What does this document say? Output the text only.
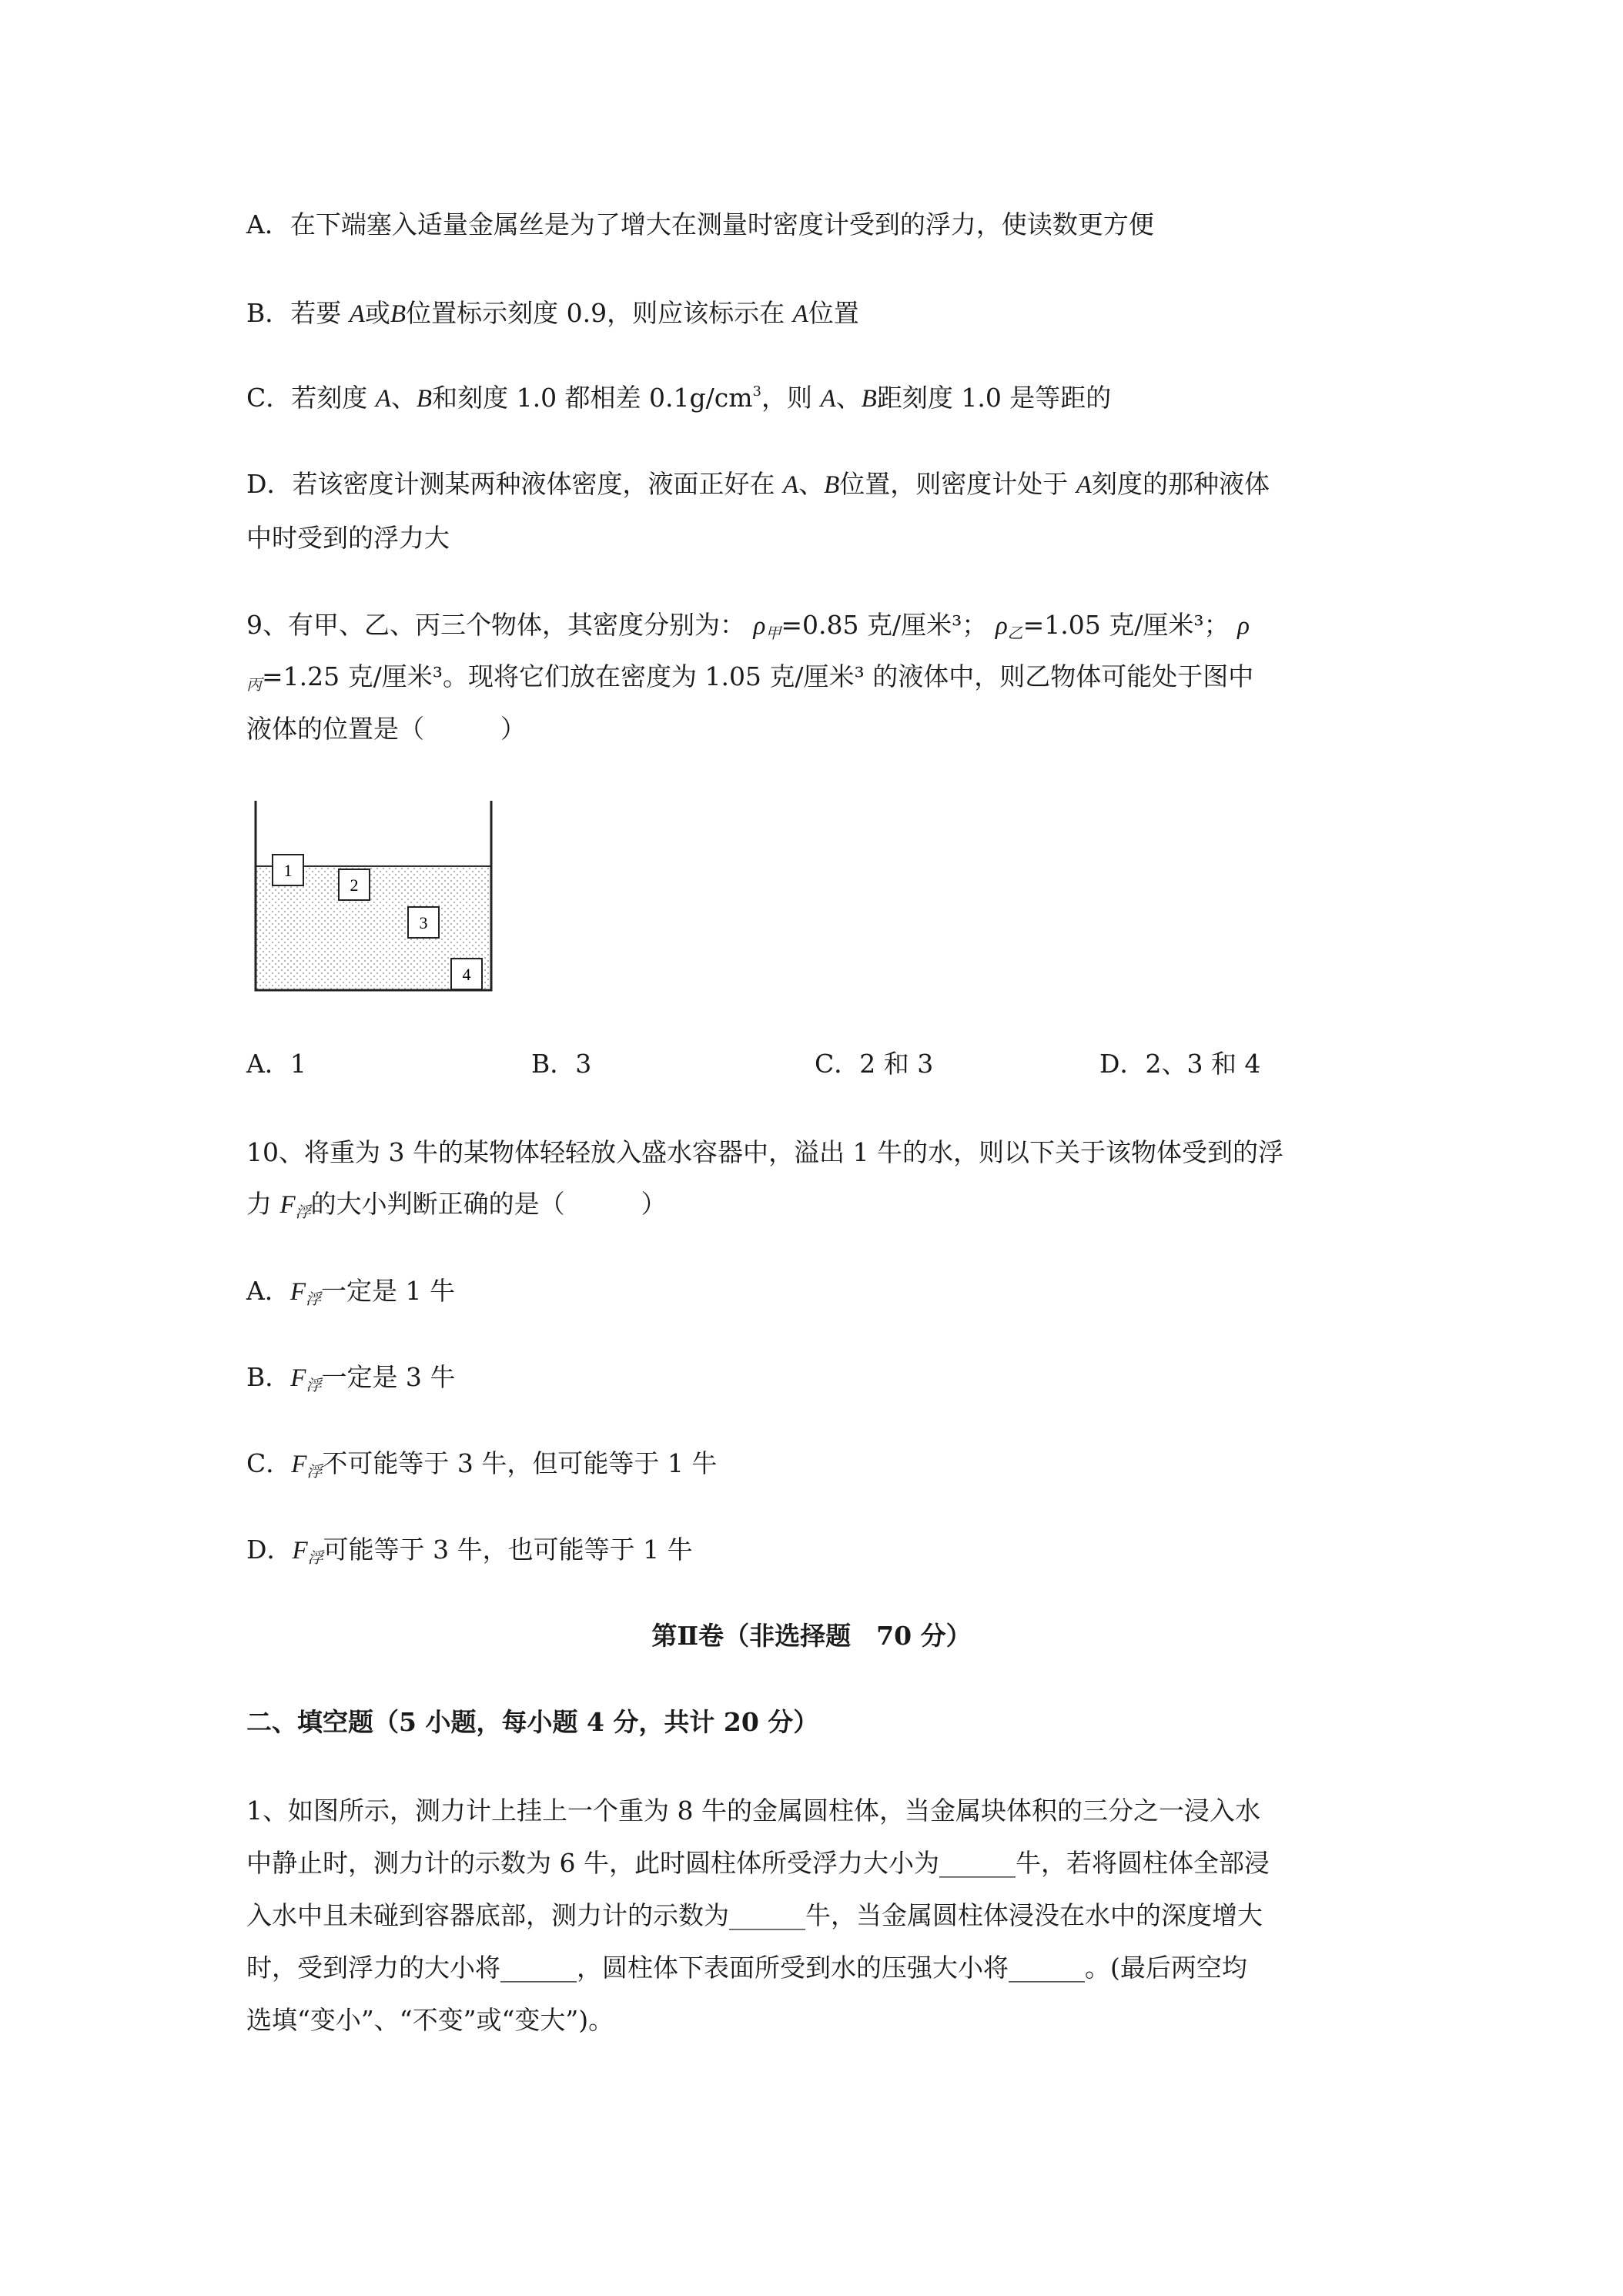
A．在下端塞入适量金属丝是为了增大在测量时密度计受到的浮力，使读数更方便
B．若要 A或B位置标示刻度 0.9，则应该标示在 A位置
C．若刻度 A、B和刻度 1.0 都相差 $0.1g/cm^3$，则 A、B距刻度 1.0 是等距的
D．若该密度计测某两种液体密度，液面正好在 A、B位置，则密度计处于 A刻度的那种液体
中时受到的浮力大
9、有甲、乙、丙三个物体，其密度分别为： $\rho_甲=0.85$ 克/厘米³； $\rho_乙=1.05$ 克/厘米³； ρ
$_丙$=1.25 克/厘米³。现将它们放在密度为 1.05 克/厘米³ 的液体中，则乙物体可能处于图中
液体的位置是（　　　）
1
2
3
4
A．1	B．3	C．2 和 3	D．2、3 和 4
10、将重为 3 牛的某物体轻轻放入盛水容器中，溢出 1 牛的水，则以下关于该物体受到的浮
力 $F_浮$的大小判断正确的是（　　　）
A．$F_浮$一定是 1 牛
B．$F_浮$一定是 3 牛
C．$F_浮$不可能等于 3 牛，但可能等于 1 牛
D．$F_浮$可能等于 3 牛，也可能等于 1 牛
第Ⅱ卷（非选择题　70 分）
二、填空题（5 小题，每小题 4 分，共计 20 分）
1、如图所示，测力计上挂上一个重为 8 牛的金属圆柱体，当金属块体积的三分之一浸入水
中静止时，测力计的示数为 6 牛，此时圆柱体所受浮力大小为______牛，若将圆柱体全部浸
入水中且未碰到容器底部，测力计的示数为______牛，当金属圆柱体浸没在水中的深度增大
时，受到浮力的大小将______，圆柱体下表面所受到水的压强大小将______。(最后两空均
选填“变小”、“不变”或“变大”)。
